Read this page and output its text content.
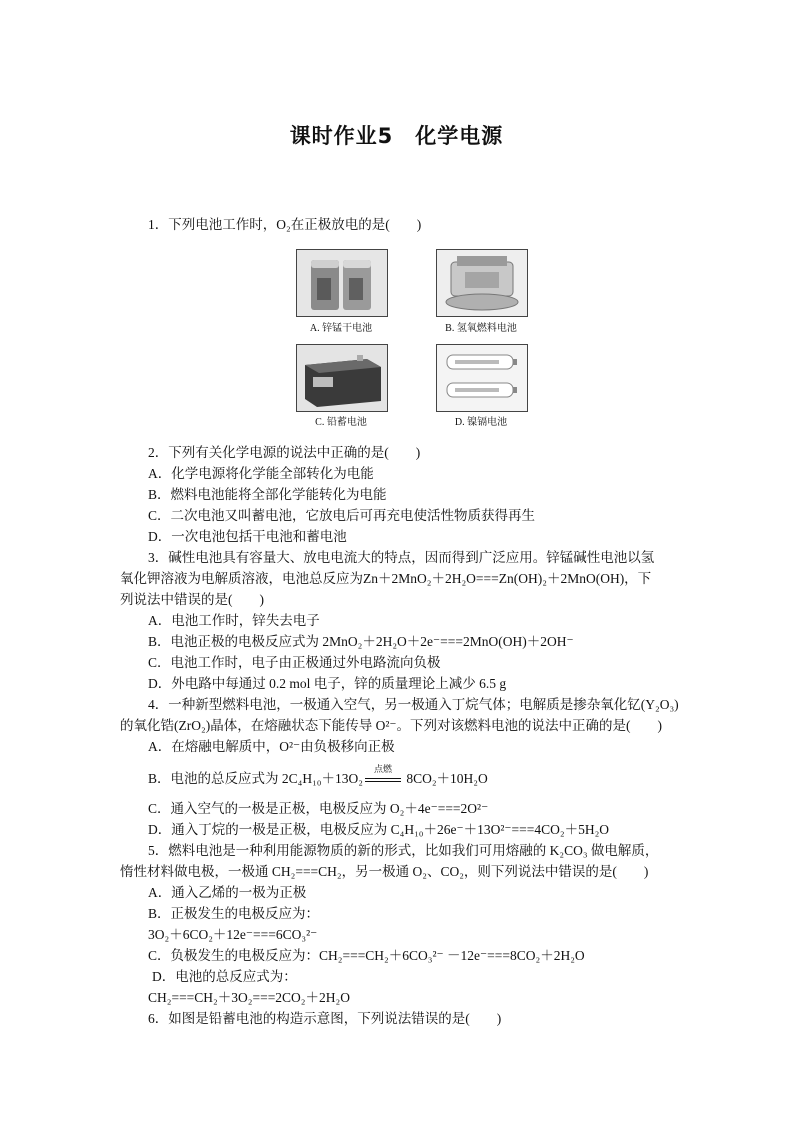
课时作业5　化学电源
1．下列电池工作时，O₂在正极放电的是(　　)
A. 锌锰干电池	B. 氢氧燃料电池
C. 铅蓄电池	D. 镍镉电池
2．下列有关化学电源的说法中正确的是(　　)
A．化学电源将化学能全部转化为电能
B．燃料电池能将全部化学能转化为电能
C．二次电池又叫蓄电池，它放电后可再充电使活性物质获得再生
D．一次电池包括干电池和蓄电池
3．碱性电池具有容量大、放电电流大的特点，因而得到广泛应用。锌锰碱性电池以氢
氧化钾溶液为电解质溶液，电池总反应为Zn＋2MnO₂＋2H₂O===Zn(OH)₂＋2MnO(OH)，下
列说法中错误的是(　　)
A．电池工作时，锌失去电子
B．电池正极的电极反应式为 2MnO₂＋2H₂O＋2e⁻===2MnO(OH)＋2OH⁻
C．电池工作时，电子由正极通过外电路流向负极
D．外电路中每通过 0.2 mol 电子，锌的质量理论上减少 6.5 g
4．一种新型燃料电池，一极通入空气，另一极通入丁烷气体；电解质是掺杂氧化钇(Y₂O₃)
的氧化锆(ZrO₂)晶体，在熔融状态下能传导 O²⁻。下列对该燃料电池的说法中正确的是(　　)
A．在熔融电解质中，O²⁻由负极移向正极
B．电池的总反应式为 2C₄H₁₀＋13O₂
点燃
8CO₂＋10H₂O
C．通入空气的一极是正极，电极反应为 O₂＋4e⁻===2O²⁻
D．通入丁烷的一极是正极，电极反应为 C₄H₁₀＋26e⁻＋13O²⁻===4CO₂＋5H₂O
5．燃料电池是一种利用能源物质的新的形式，比如我们可用熔融的 K₂CO₃ 做电解质，
惰性材料做电极，一极通 CH₂===CH₂，另一极通 O₂、CO₂，则下列说法中错误的是(　　)
A．通入乙烯的一极为正极
B．正极发生的电极反应为：
3O₂＋6CO₂＋12e⁻===6CO₃²⁻
C．负极发生的电极反应为：CH₂===CH₂＋6CO₃²⁻ －12e⁻===8CO₂＋2H₂O
D．电池的总反应式为：
CH₂===CH₂＋3O₂===2CO₂＋2H₂O
6．如图是铅蓄电池的构造示意图，下列说法错误的是(　　)
